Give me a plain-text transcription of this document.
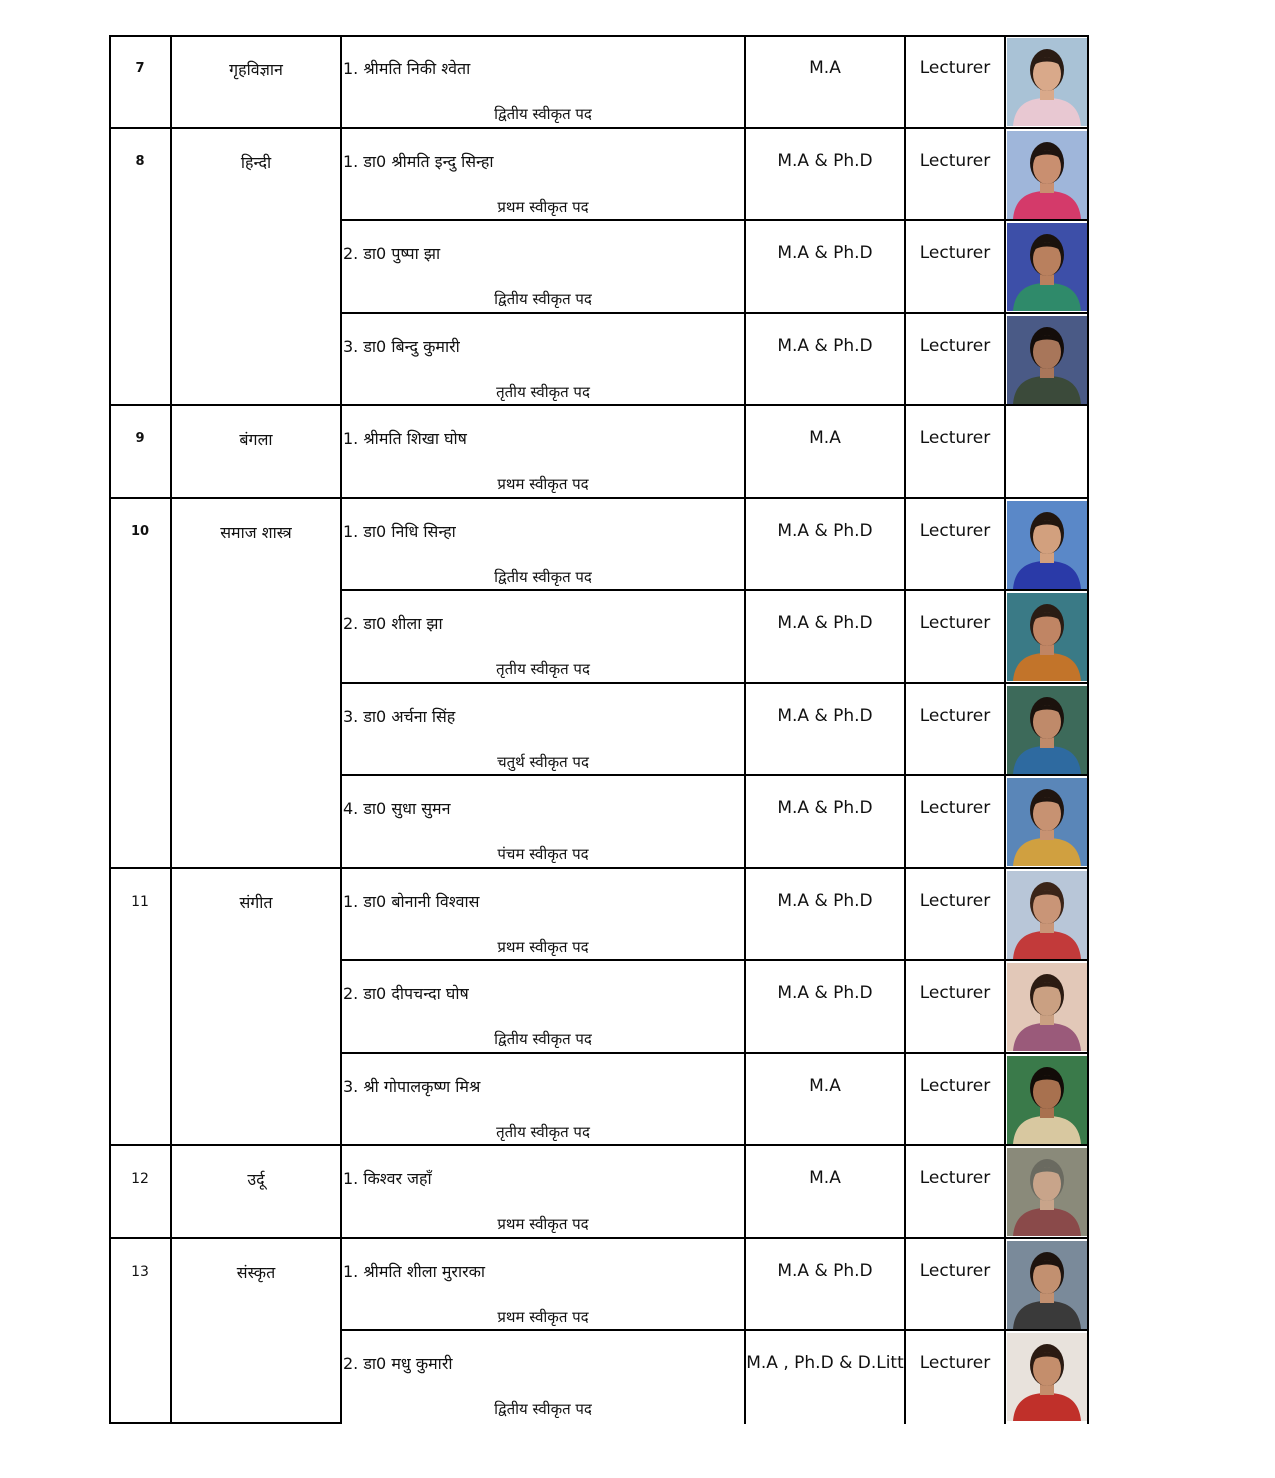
7	गृहविज्ञान	1. श्रीमति निकी श्वेता
द्वितीय स्वीकृत पद
M.A	Lecturer
8	हिन्दी	1. डा0 श्रीमति इन्दु सिन्हा
प्रथम स्वीकृत पद
M.A & Ph.D	Lecturer
2. डा0 पुष्पा झा
द्वितीय स्वीकृत पद
M.A & Ph.D	Lecturer
3. डा0 बिन्दु कुमारी
तृतीय स्वीकृत पद
M.A & Ph.D	Lecturer
9	बंगला	1. श्रीमति शिखा घोष
प्रथम स्वीकृत पद
M.A	Lecturer
10	समाज शास्त्र	1. डा0 निधि सिन्हा
द्वितीय स्वीकृत पद
M.A & Ph.D	Lecturer
2. डा0 शीला झा
तृतीय स्वीकृत पद
M.A & Ph.D	Lecturer
3. डा0 अर्चना सिंह
चतुर्थ स्वीकृत पद
M.A & Ph.D	Lecturer
4. डा0 सुधा सुमन
पंचम स्वीकृत पद
M.A & Ph.D	Lecturer
11	संगीत	1. डा0 बोनानी विश्वास
प्रथम स्वीकृत पद
M.A & Ph.D	Lecturer
2. डा0 दीपचन्दा घोष
द्वितीय स्वीकृत पद
M.A & Ph.D	Lecturer
3. श्री गोपालकृष्ण मिश्र
तृतीय स्वीकृत पद
M.A	Lecturer
12	उर्दू	1. किश्वर जहाँ
प्रथम स्वीकृत पद
M.A	Lecturer
13	संस्कृत	1. श्रीमति शीला मुरारका
प्रथम स्वीकृत पद
M.A & Ph.D	Lecturer
2. डा0 मधु कुमारी
द्वितीय स्वीकृत पद
M.A , Ph.D & D.Litt Lecturer
